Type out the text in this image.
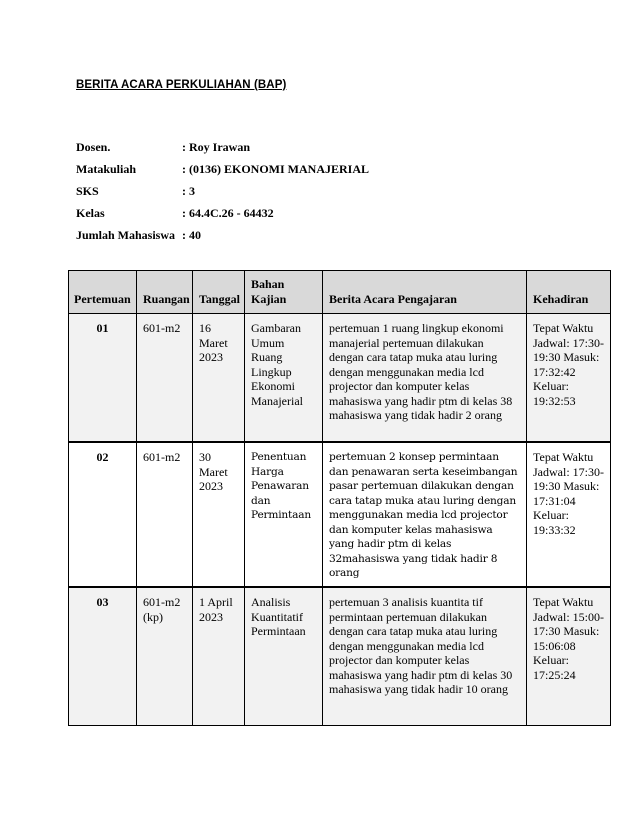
BERITA ACARA PERKULIAHAN (BAP)
Dosen.	: Roy Irawan
Matakuliah	: (0136) EKONOMI MANAJERIAL
SKS	: 3
Kelas	: 64.4C.26 - 64432
Jumlah Mahasiswa : 40
Pertemuan	Ruangan	Tanggal	Bahan Kajian	Berita Acara Pengajaran	Kehadiran
01	601-m2	16 Maret 2023	Gambaran Umum Ruang Lingkup Ekonomi Manajerial	pertemuan 1 ruang lingkup ekonomi manajerial pertemuan dilakukan dengan cara tatap muka atau luring dengan menggunakan media lcd projector dan komputer kelas mahasiswa yang hadir ptm di kelas 38 mahasiswa yang tidak hadir 2 orang	Tepat Waktu Jadwal: 17:30-19:30 Masuk: 17:32:42 Keluar: 19:32:53
02	601-m2	30 Maret 2023	Penentuan Harga Penawaran dan Permintaan	pertemuan 2 konsep permintaan dan penawaran serta keseimbangan pasar pertemuan dilakukan dengan cara tatap muka atau luring dengan menggunakan media lcd projector dan komputer kelas mahasiswa yang hadir ptm di kelas 32mahasiswa yang tidak hadir 8 orang	Tepat Waktu Jadwal: 17:30-19:30 Masuk: 17:31:04 Keluar: 19:33:32
03	601-m2 (kp)	1 April 2023	Analisis Kuantitatif Permintaan	pertemuan 3 analisis kuantita tif permintaan pertemuan dilakukan dengan cara tatap muka atau luring dengan menggunakan media lcd projector dan komputer kelas mahasiswa yang hadir ptm di kelas 30 mahasiswa yang tidak hadir 10 orang	Tepat Waktu Jadwal: 15:00-17:30 Masuk: 15:06:08 Keluar: 17:25:24
